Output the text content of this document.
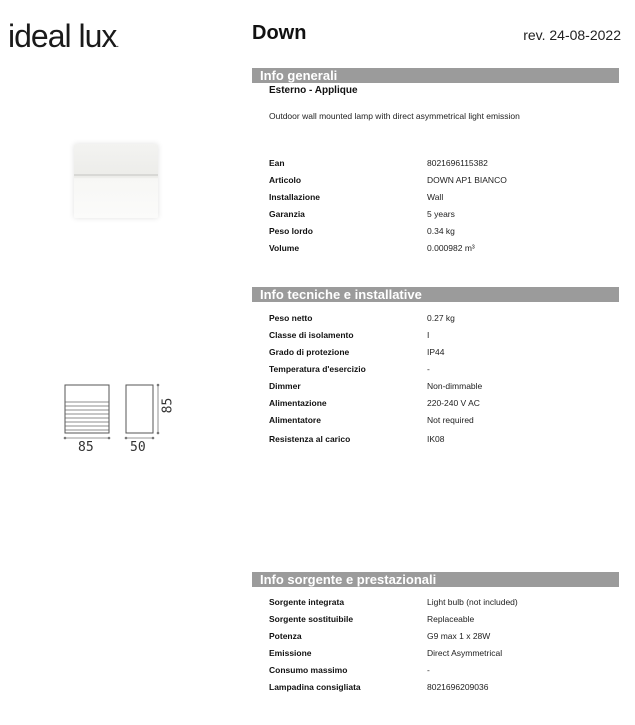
ideal lux.
Down	rev. 24-08-2022
85	50
85
Info generali
Esterno - Applique
Outdoor wall mounted lamp with direct asymmetrical light emission
Ean	8021696115382
Articolo	DOWN AP1 BIANCO
Installazione	Wall
Garanzia	5 years
Peso lordo	0.34 kg
Volume	0.000982 m³
Info tecniche e installative
Peso netto	0.27 kg
Classe di isolamento	I
Grado di protezione	IP44
Temperatura d'esercizio	-
Dimmer	Non-dimmable
Alimentazione	220-240 V AC
Alimentatore	Not required
Resistenza al carico	IK08
Info sorgente e prestazionali
Sorgente integrata	Light bulb (not included)
Sorgente sostituibile	Replaceable
Potenza	G9 max 1 x 28W
Emissione	Direct Asymmetrical
Consumo massimo	-
Lampadina consigliata	8021696209036
